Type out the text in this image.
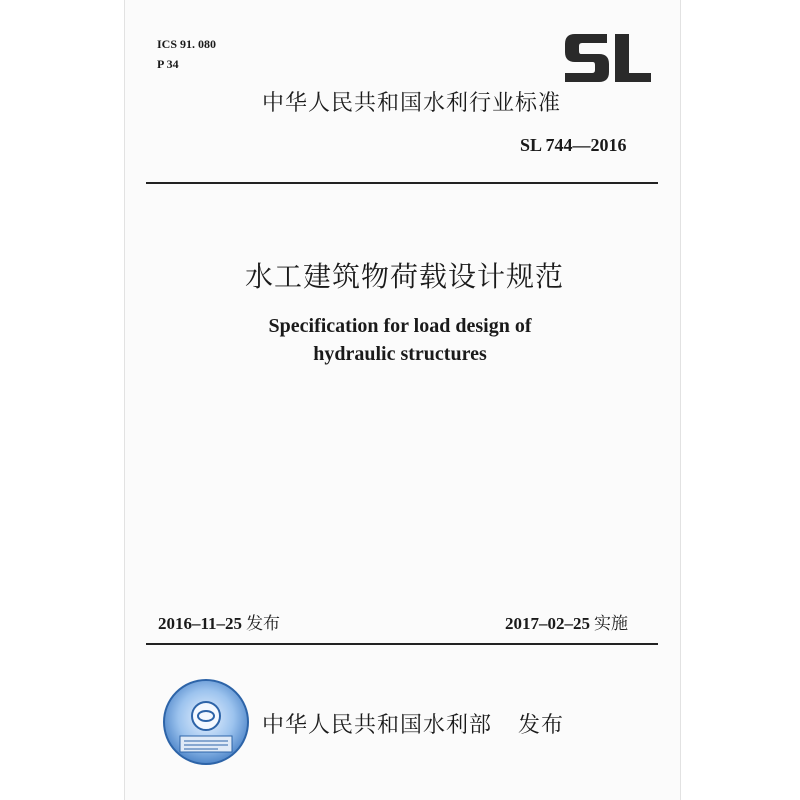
ICS 91. 080
P 34
中华人民共和国水利行业标准
SL 744—2016
水工建筑物荷载设计规范
Specification for load design of
hydraulic structures
2016–11–25 发布	2017–02–25 实施
中华人民共和国水利部 发布
